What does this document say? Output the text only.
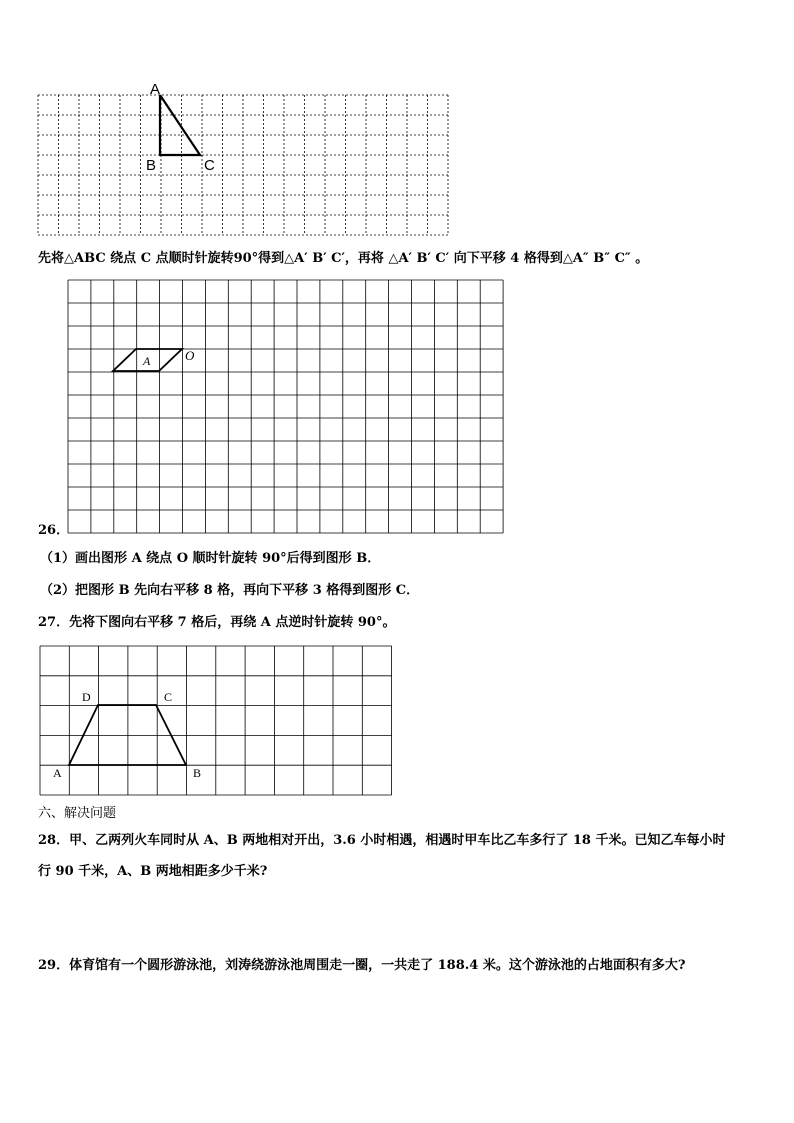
A
B	C
先将△ABC 绕点 C 点顺时针旋转90°得到△A′ B′ C′，再将 △A′ B′ C′ 向下平移 4 格得到△A″ B″ C″ 。
A	O
26．
（1）画出图形 A 绕点 O 顺时针旋转 90°后得到图形 B．
（2）把图形 B 先向右平移 8 格，再向下平移 3 格得到图形 C．
27．先将下图向右平移 7 格后，再绕 A 点逆时针旋转 90°。
D	C
A	B
六、解决问题
28．甲、乙两列火车同时从 A、B 两地相对开出，3.6 小时相遇，相遇时甲车比乙车多行了 18 千米。已知乙车每小时
行 90 千米，A、B 两地相距多少千米?
29．体育馆有一个圆形游泳池，刘涛绕游泳池周围走一圈，一共走了 188.4 米。这个游泳池的占地面积有多大?
